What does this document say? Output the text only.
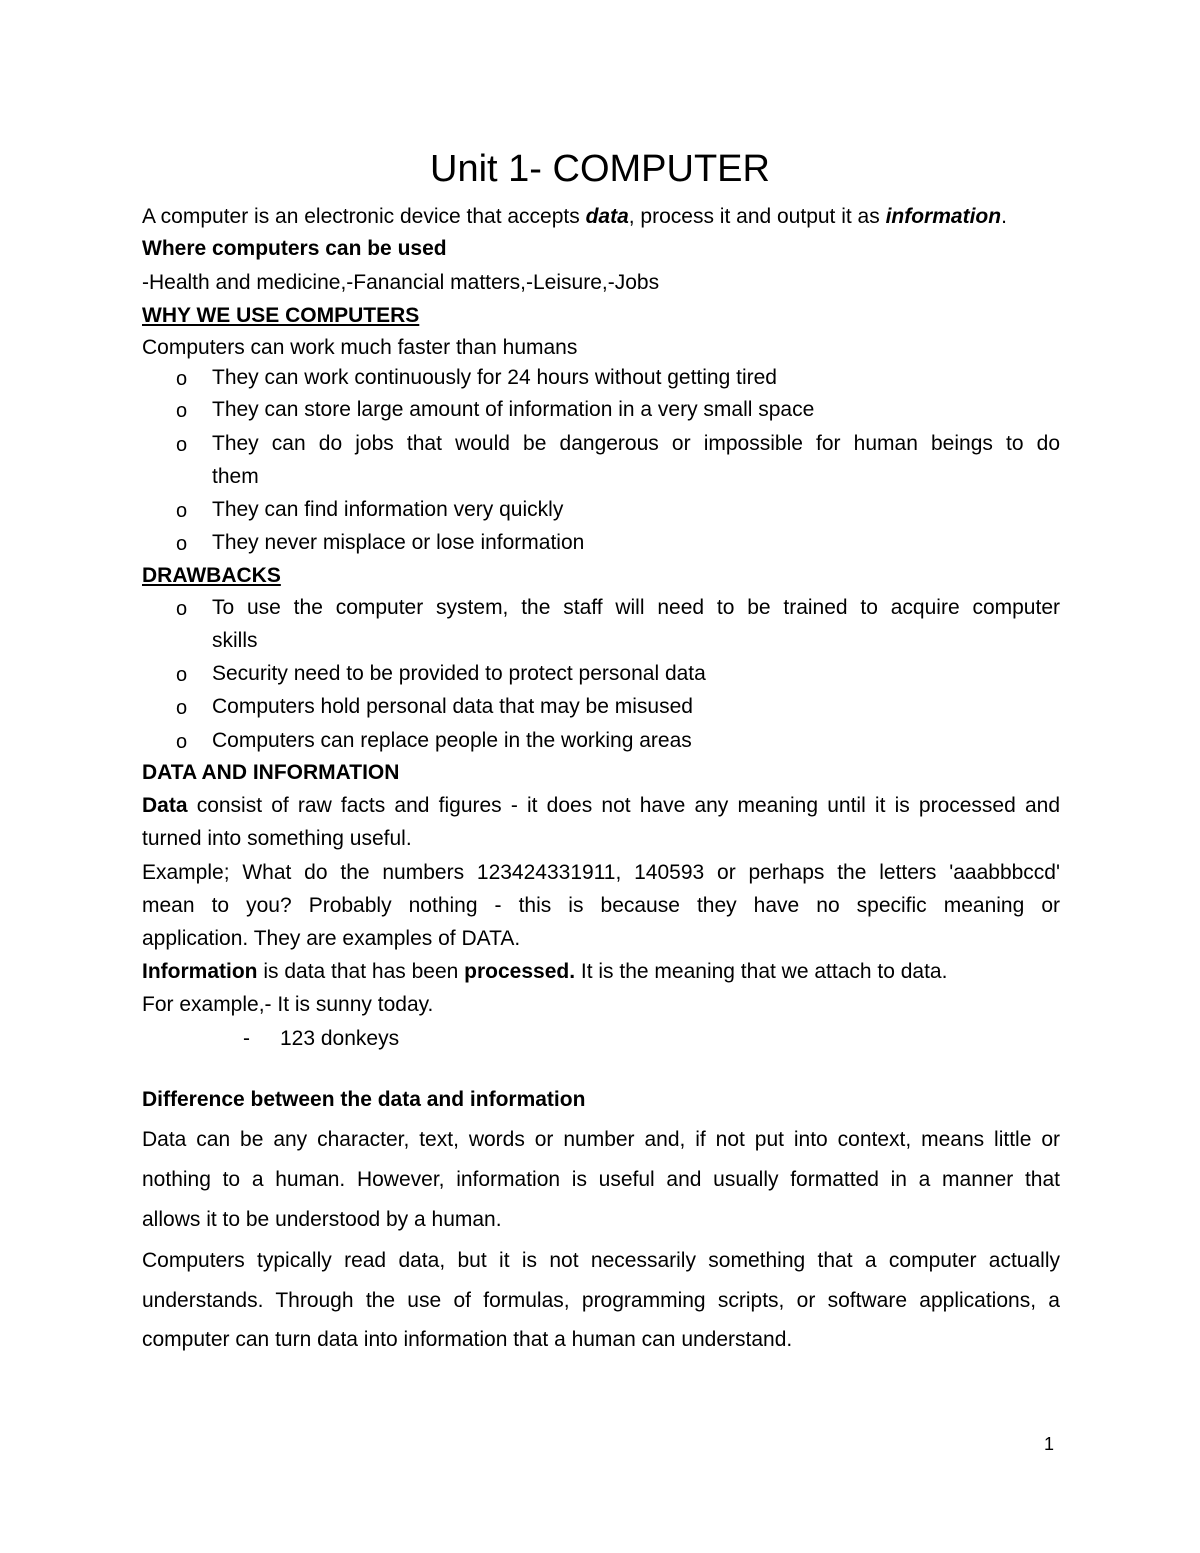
Unit 1- COMPUTER
A computer is an electronic device that accepts data, process it and output it as information.
Where computers can be used
-Health and medicine,-Fanancial matters,-Leisure,-Jobs
WHY WE USE COMPUTERS
Computers can work much faster than humans
o	They can work continuously for 24 hours without getting tired
o	They can store large amount of information in a very small space
o	They can do jobs that would be dangerous or impossible for human beings to do
them
o	They can find information very quickly
o	They never misplace or lose information
DRAWBACKS
o	To use the computer system, the staff will need to be trained to acquire computer
skills
o	Security need to be provided to protect personal data
o	Computers hold personal data that may be misused
o	Computers can replace people in the working areas
DATA AND INFORMATION
Data consist of raw facts and figures - it does not have any meaning until it is processed and
turned into something useful.
Example; What do the numbers 123424331911, 140593 or perhaps the letters 'aaabbbccd'
mean to you? Probably nothing - this is because they have no specific meaning or
application. They are examples of DATA.
Information is data that has been processed. It is the meaning that we attach to data.
For example,- It is sunny today.
-	123 donkeys
Difference between the data and information
Data can be any character, text, words or number and, if not put into context, means little or
nothing to a human. However, information is useful and usually formatted in a manner that
allows it to be understood by a human.
Computers typically read data, but it is not necessarily something that a computer actually
understands. Through the use of formulas, programming scripts, or software applications, a
computer can turn data into information that a human can understand.
1
